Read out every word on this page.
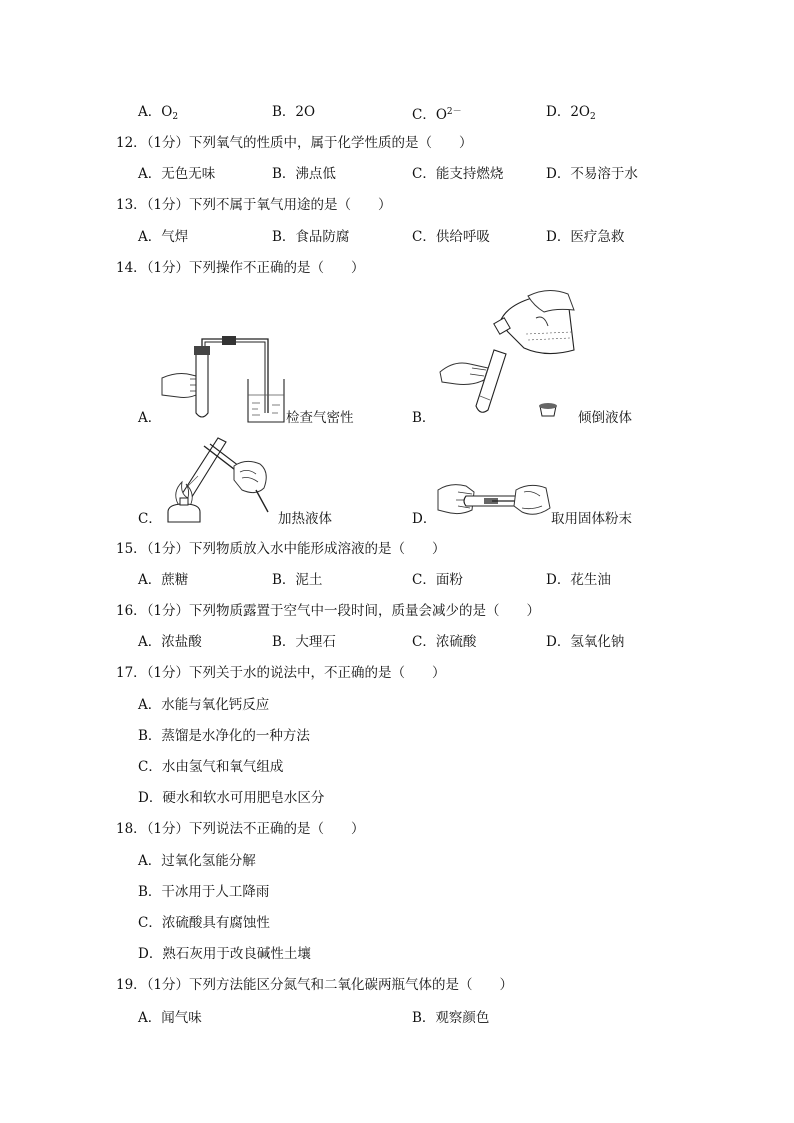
A．$O_2$	B．2O	C．$O^{2-}$	D．$2O_2$
12．（1分）下列氧气的性质中，属于化学性质的是（　　）
A．无色无味	B．沸点低	C．能支持燃烧	D．不易溶于水
13．（1分）下列不属于氧气用途的是（　　）
A．气焊	B．食品防腐	C．供给呼吸	D．医疗急救
14．（1分）下列操作不正确的是（　　）
A．	检查气密性	B．	倾倒液体
C．	加热液体	D．	取用固体粉末
15．（1分）下列物质放入水中能形成溶液的是（　　）
A．蔗糖	B．泥土	C．面粉	D．花生油
16．（1分）下列物质露置于空气中一段时间，质量会减少的是（　　）
A．浓盐酸	B．大理石	C．浓硫酸	D．氢氧化钠
17．（1分）下列关于水的说法中，不正确的是（　　）
A．水能与氧化钙反应
B．蒸馏是水净化的一种方法
C．水由氢气和氧气组成
D．硬水和软水可用肥皂水区分
18．（1分）下列说法不正确的是（　　）
A．过氧化氢能分解
B．干冰用于人工降雨
C．浓硫酸具有腐蚀性
D．熟石灰用于改良碱性土壤
19．（1分）下列方法能区分氮气和二氧化碳两瓶气体的是（　　）
A．闻气味	B．观察颜色
